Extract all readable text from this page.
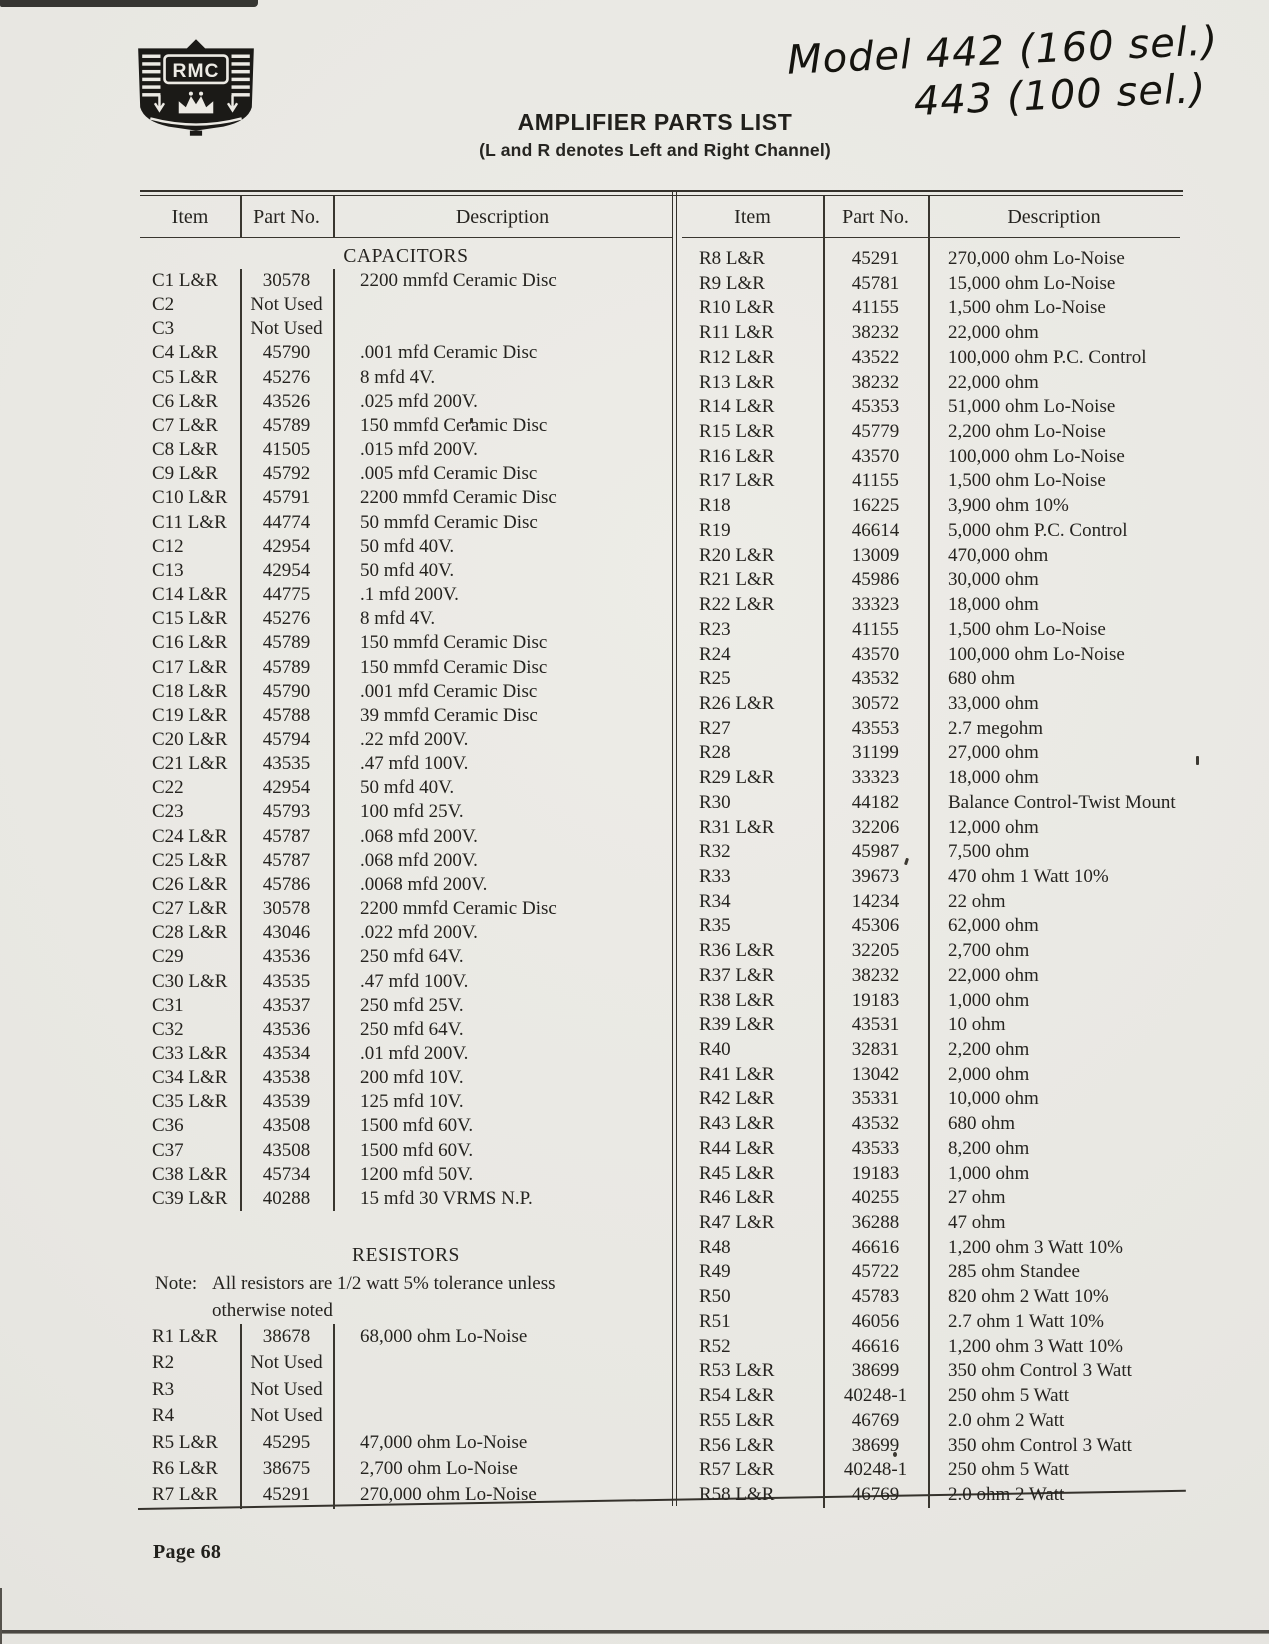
RMC	Model 442 (160 sel.)
443 (100 sel.)
AMPLIFIER PARTS LIST
(L and R denotes Left and Right Channel)
Item	Part No.	Description
CAPACITORS
C1 L&R	30578	2200 mmfd Ceramic Disc
C2	Not Used
C3	Not Used
C4 L&R	45790	.001 mfd Ceramic Disc
C5 L&R	45276	8 mfd 4V.
C6 L&R	43526	.025 mfd 200V.
C7 L&R	45789	150 mmfd Ceramic Disc
C8 L&R	41505	.015 mfd 200V.
C9 L&R	45792	.005 mfd Ceramic Disc
C10 L&R	45791	2200 mmfd Ceramic Disc
C11 L&R	44774	50 mmfd Ceramic Disc
C12	42954	50 mfd 40V.
C13	42954	50 mfd 40V.
C14 L&R	44775	.1 mfd 200V.
C15 L&R	45276	8 mfd 4V.
C16 L&R	45789	150 mmfd Ceramic Disc
C17 L&R	45789	150 mmfd Ceramic Disc
C18 L&R	45790	.001 mfd Ceramic Disc
C19 L&R	45788	39 mmfd Ceramic Disc
C20 L&R	45794	.22 mfd 200V.
C21 L&R	43535	.47 mfd 100V.
C22	42954	50 mfd 40V.
C23	45793	100 mfd 25V.
C24 L&R	45787	.068 mfd 200V.
C25 L&R	45787	.068 mfd 200V.
C26 L&R	45786	.0068 mfd 200V.
C27 L&R	30578	2200 mmfd Ceramic Disc
C28 L&R	43046	.022 mfd 200V.
C29	43536	250 mfd 64V.
C30 L&R	43535	.47 mfd 100V.
C31	43537	250 mfd 25V.
C32	43536	250 mfd 64V.
C33 L&R	43534	.01 mfd 200V.
C34 L&R	43538	200 mfd 10V.
C35 L&R	43539	125 mfd 10V.
C36	43508	1500 mfd 60V.
C37	43508	1500 mfd 60V.
C38 L&R	45734	1200 mfd 50V.
C39 L&R	40288	15 mfd 30 VRMS N.P.
RESISTORS
Note: All resistors are 1/2 watt 5% tolerance unless
otherwise noted
R1 L&R	38678	68,000 ohm Lo-Noise
R2	Not Used
R3	Not Used
R4	Not Used
R5 L&R	45295	47,000 ohm Lo-Noise
R6 L&R	38675	2,700 ohm Lo-Noise
R7 L&R	45291	270,000 ohm Lo-Noise
Item	Part No.	Description
R8 L&R	45291	270,000 ohm Lo-Noise
R9 L&R	45781	15,000 ohm Lo-Noise
R10 L&R	41155	1,500 ohm Lo-Noise
R11 L&R	38232	22,000 ohm
R12 L&R	43522	100,000 ohm P.C. Control
R13 L&R	38232	22,000 ohm
R14 L&R	45353	51,000 ohm Lo-Noise
R15 L&R	45779	2,200 ohm Lo-Noise
R16 L&R	43570	100,000 ohm Lo-Noise
R17 L&R	41155	1,500 ohm Lo-Noise
R18	16225	3,900 ohm 10%
R19	46614	5,000 ohm P.C. Control
R20 L&R	13009	470,000 ohm
R21 L&R	45986	30,000 ohm
R22 L&R	33323	18,000 ohm
R23	41155	1,500 ohm Lo-Noise
R24	43570	100,000 ohm Lo-Noise
R25	43532	680 ohm
R26 L&R	30572	33,000 ohm
R27	43553	2.7 megohm
R28	31199	27,000 ohm
R29 L&R	33323	18,000 ohm
R30	44182	Balance Control-Twist Mount
R31 L&R	32206	12,000 ohm
R32	45987	7,500 ohm
R33	39673	470 ohm 1 Watt 10%
R34	14234	22 ohm
R35	45306	62,000 ohm
R36 L&R	32205	2,700 ohm
R37 L&R	38232	22,000 ohm
R38 L&R	19183	1,000 ohm
R39 L&R	43531	10 ohm
R40	32831	2,200 ohm
R41 L&R	13042	2,000 ohm
R42 L&R	35331	10,000 ohm
R43 L&R	43532	680 ohm
R44 L&R	43533	8,200 ohm
R45 L&R	19183	1,000 ohm
R46 L&R	40255	27 ohm
R47 L&R	36288	47 ohm
R48	46616	1,200 ohm 3 Watt 10%
R49	45722	285 ohm Standee
R50	45783	820 ohm 2 Watt 10%
R51	46056	2.7 ohm 1 Watt 10%
R52	46616	1,200 ohm 3 Watt 10%
R53 L&R	38699	350 ohm Control 3 Watt
R54 L&R	40248-1	250 ohm 5 Watt
R55 L&R	46769	2.0 ohm 2 Watt
R56 L&R	38699	350 ohm Control 3 Watt
R57 L&R	40248-1	250 ohm 5 Watt
R58 L&R	46769	2.0 ohm 2 Watt
Page 68
